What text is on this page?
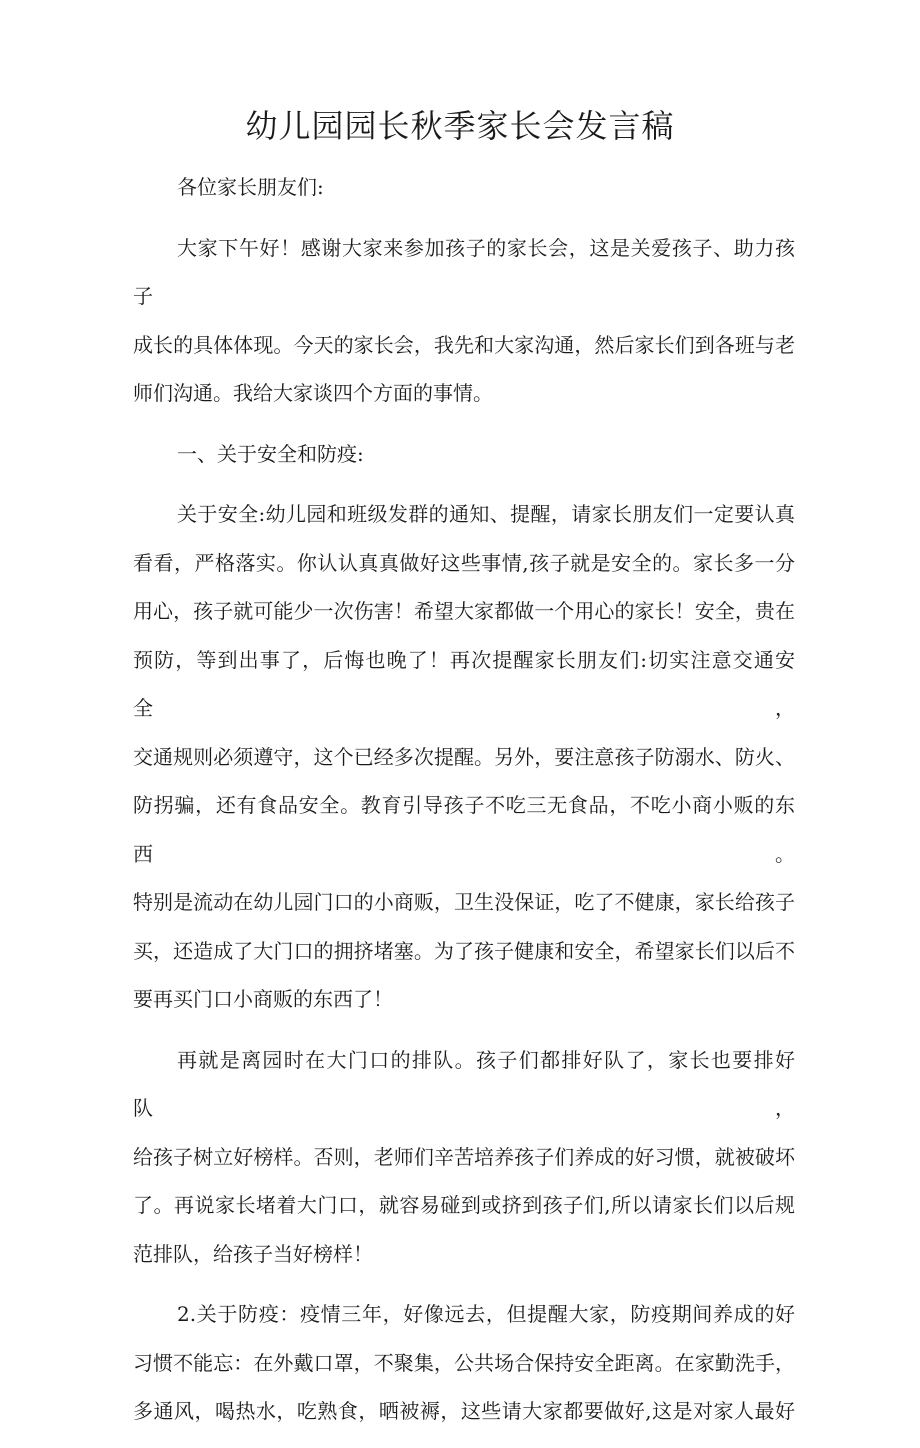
幼儿园园长秋季家长会发言稿

各位家长朋友们:

大家下午好！感谢大家来参加孩子的家长会，这是关爱孩子、助力孩子
成长的具体体现。今天的家长会，我先和大家沟通，然后家长们到各班与老
师们沟通。我给大家谈四个方面的事情。

一、关于安全和防疫:

关于安全:幼儿园和班级发群的通知、提醒，请家长朋友们一定要认真
看看，严格落实。你认认真真做好这些事情,孩子就是安全的。家长多一分
用心，孩子就可能少一次伤害！希望大家都做一个用心的家长！安全，贵在
预防，等到出事了，后悔也晚了！再次提醒家长朋友们:切实注意交通安全，
交通规则必须遵守，这个已经多次提醒。另外，要注意孩子防溺水、防火、
防拐骗，还有食品安全。教育引导孩子不吃三无食品，不吃小商小贩的东西。
特别是流动在幼儿园门口的小商贩，卫生没保证，吃了不健康，家长给孩子
买，还造成了大门口的拥挤堵塞。为了孩子健康和安全，希望家长们以后不
要再买门口小商贩的东西了！
再就是离园时在大门口的排队。孩子们都排好队了，家长也要排好队，
给孩子树立好榜样。否则，老师们辛苦培养孩子们养成的好习惯，就被破坏
了。再说家长堵着大门口，就容易碰到或挤到孩子们,所以请家长们以后规
范排队，给孩子当好榜样！
2.关于防疫：疫情三年，好像远去，但提醒大家，防疫期间养成的好
习惯不能忘：在外戴口罩，不聚集，公共场合保持安全距离。在家勤洗手，
多通风，喝热水，吃熟食，晒被褥，这些请大家都要做好,这是对家人最好
